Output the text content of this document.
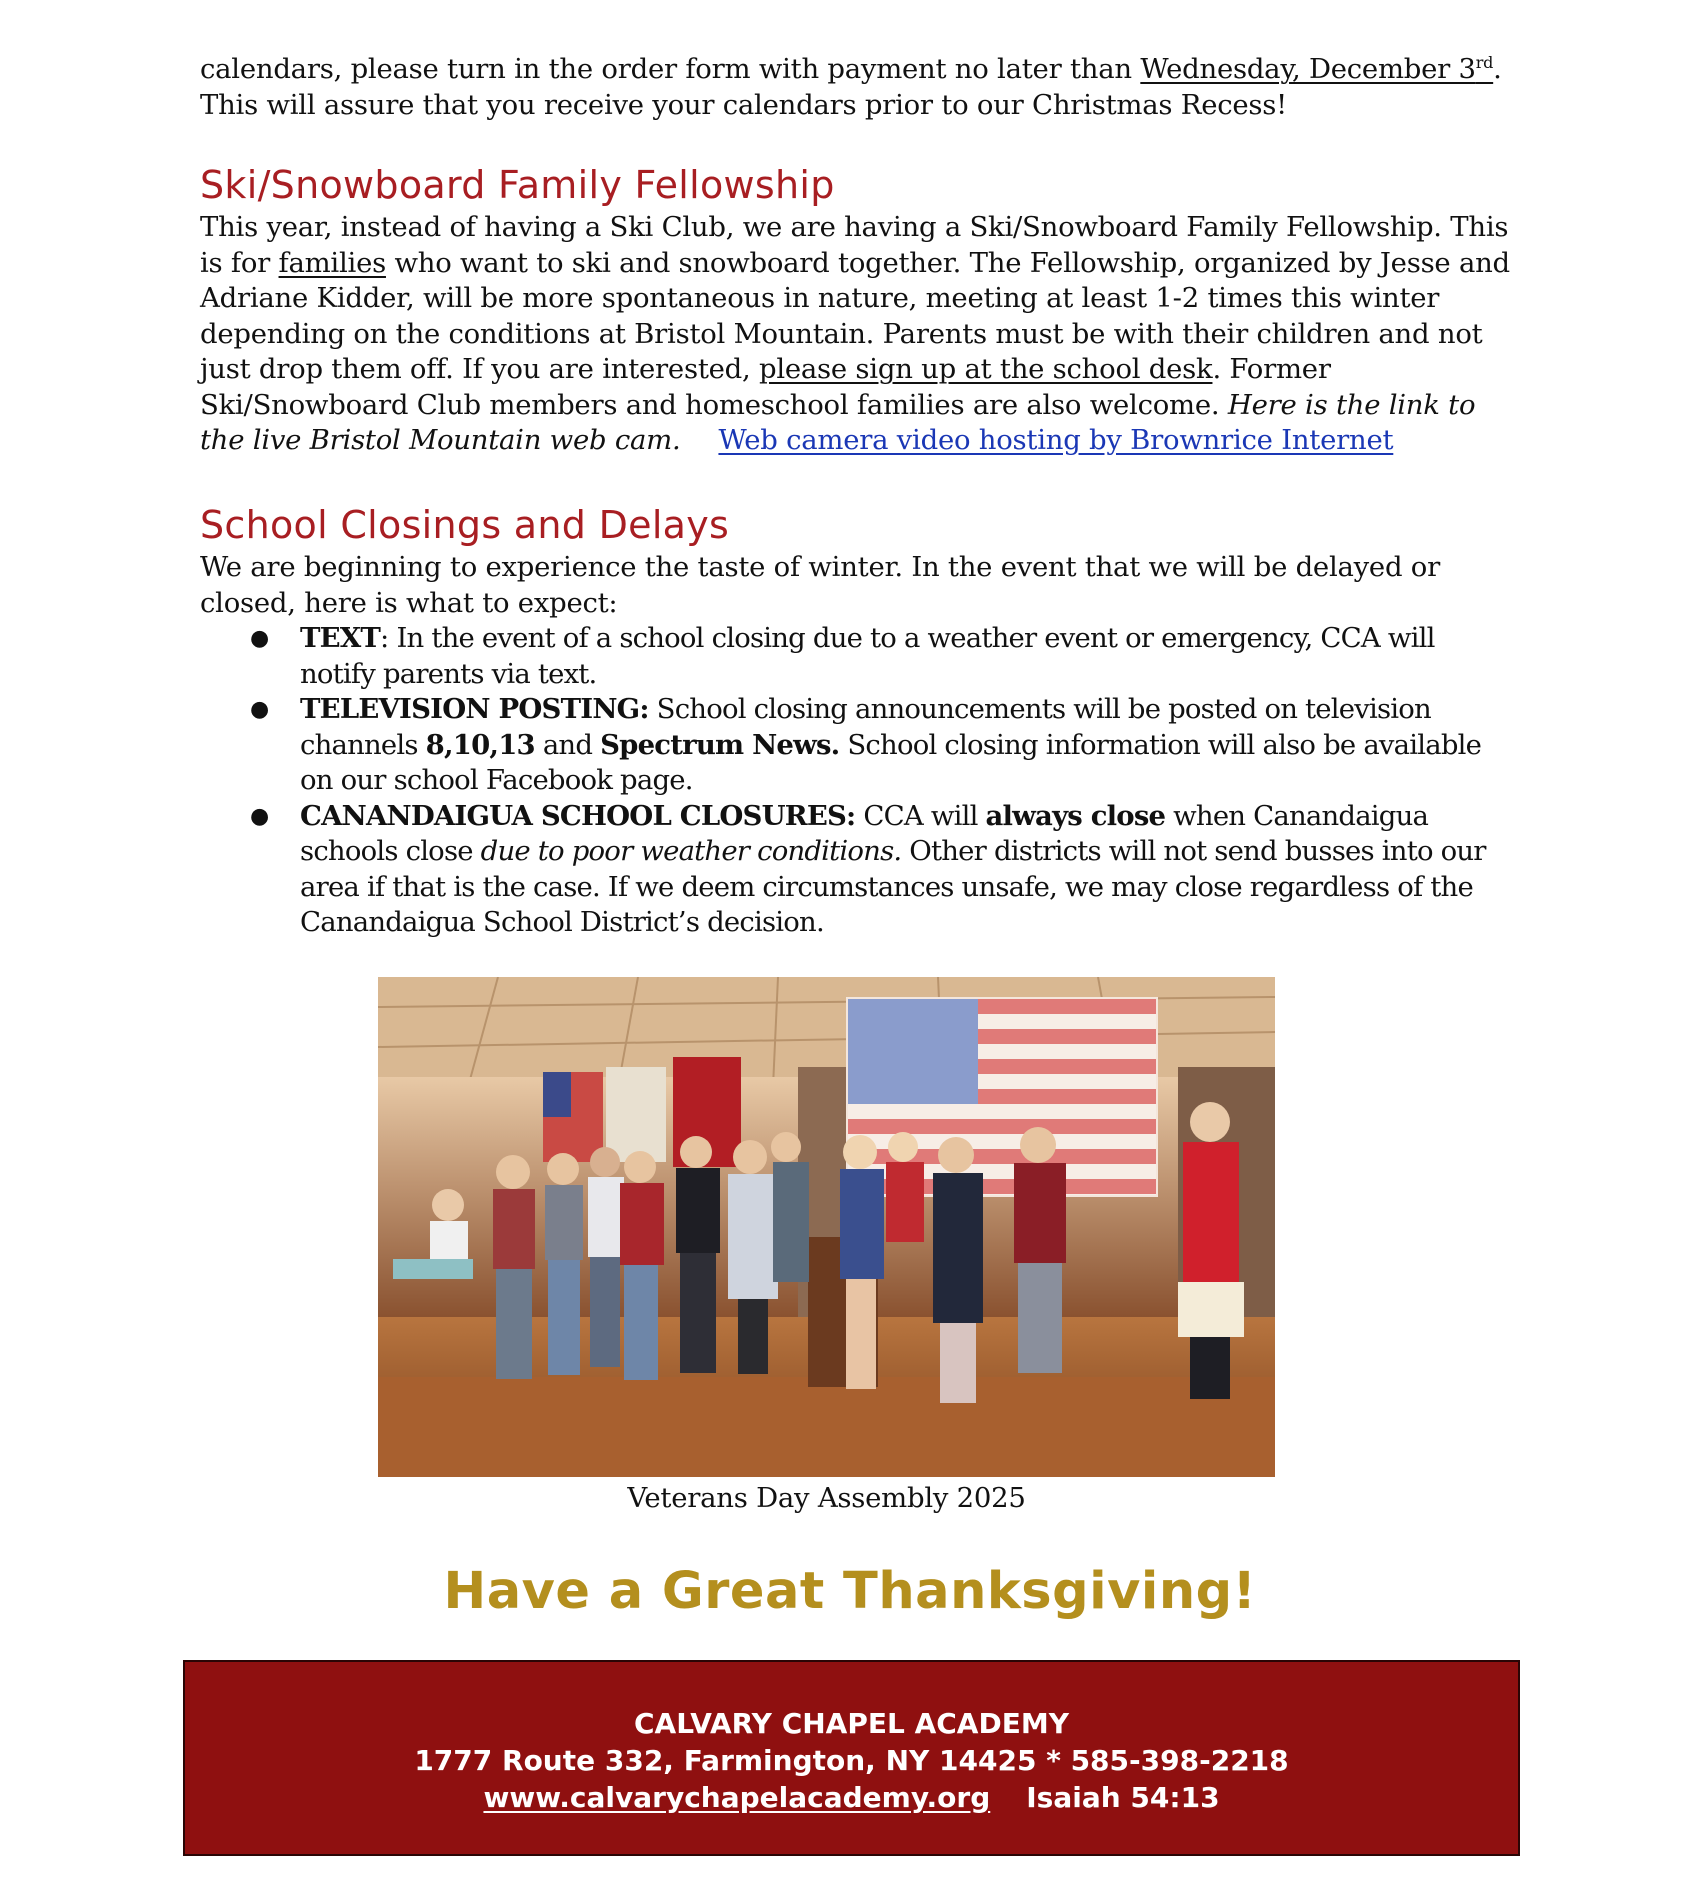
calendars, please turn in the order form with payment no later than Wednesday, December 3rd.
This will assure that you receive your calendars prior to our Christmas Recess!
Ski/Snowboard Family Fellowship
This year, instead of having a Ski Club, we are having a Ski/Snowboard Family Fellowship. This is for families who want to ski and snowboard together. The Fellowship, organized by Jesse and Adriane Kidder, will be more spontaneous in nature, meeting at least 1-2 times this winter depending on the conditions at Bristol Mountain. Parents must be with their children and not just drop them off. If you are interested, please sign up at the school desk. Former Ski/Snowboard Club members and homeschool families are also welcome. Here is the link to the live Bristol Mountain web cam. Web camera video hosting by Brownrice Internet
School Closings and Delays
We are beginning to experience the taste of winter. In the event that we will be delayed or closed, here is what to expect:
● TEXT: In the event of a school closing due to a weather event or emergency, CCA will notify parents via text.
● TELEVISION POSTING: School closing announcements will be posted on television channels 8,10,13 and Spectrum News. School closing information will also be available on our school Facebook page.
● CANANDAIGUA SCHOOL CLOSURES: CCA will always close when Canandaigua schools close due to poor weather conditions. Other districts will not send busses into our area if that is the case. If we deem circumstances unsafe, we may close regardless of the Canandaigua School District’s decision.
Veterans Day Assembly 2025
Have a Great Thanksgiving!
CALVARY CHAPEL ACADEMY
1777 Route 332, Farmington, NY 14425 * 585-398-2218
www.calvarychapelacademy.org Isaiah 54:13
